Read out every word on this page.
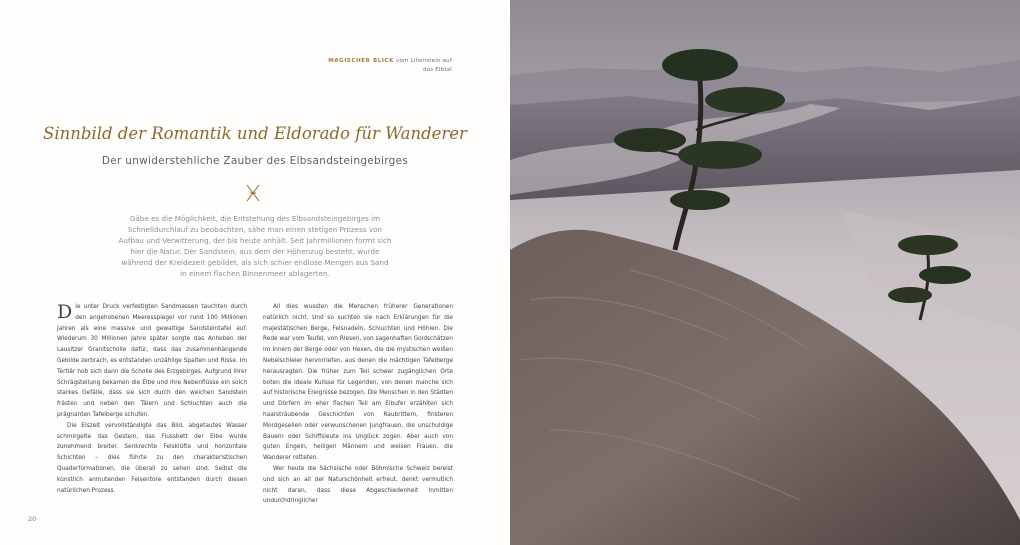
MAGISCHER BLICK vom Lilienstein auf das Elbtal
Sinnbild der Romantik und Eldorado für Wanderer
Der unwiderstehliche Zauber des Elbsandsteingebirges
Gäbe es die Möglichkeit, die Entstehung des Elbsandsteingebirges im Schnelldurchlauf zu beobachten, sähe man einen stetigen Prozess von Aufbau und Verwitterung, der bis heute anhält. Seit Jahrmillionen formt sich hier die Natur. Der Sandstein, aus dem der Höhenzug besteht, wurde während der Kreidezeit gebildet, als sich schier endlose Mengen aus Sand in einem flachen Binnenmeer ablagerten.

Die unter Druck verfestigten Sandmassen tauchten durch den angehobenen Meeresspiegel vor rund 100 Millionen Jahren als eine massive und gewaltige Sandsteintafel auf. Wiederum 30 Millionen Jahre später sorgte das Anheben der Lausitzer Granitscholle dafür, dass das zusammenhängende Gebilde zerbrach, es entstanden unzählige Spalten und Risse. Im Tertiär hob sich dann die Scholle des Erzgebirges. Aufgrund ihrer Schrägstellung bekamen die Elbe und ihre Nebenflüsse ein solch starkes Gefälle, dass sie sich durch den weichen Sandstein frästen und neben den Tälern und Schluchten auch die prägnanten Tafelberge schufen.

Die Eiszeit vervollständigte das Bild, abgetautes Wasser schmirgelte das Gestein, das Flussbett der Elbe wurde zunehmend breiter. Senkrechte Felsklüfte und horizontale Schichten – dies führte zu den charakteristischen Quaderformationen, die überall zu sehen sind. Selbst die künstlich anmutenden Felsentore entstanden durch diesen natürlichen Prozess.

All dies wussten die Menschen früherer Generationen natürlich nicht. Und so suchten sie nach Erklärungen für die majestätischen Berge, Felsnadeln, Schluchten und Höhlen. Die Rede war vom Teufel, von Riesen, von sagenhaften Goldschätzen im Innern der Berge oder von Hexen, die die mystischen weißen Nebelschleier hervorriefen, aus denen die mächtigen Tafelberge herausragten. Die früher zum Teil schwer zugänglichen Orte boten die ideale Kulisse für Legenden, von denen manche sich auf historische Ereignisse bezogen. Die Menschen in den Städten und Dörfern im eher flachen Teil am Elbufer erzählten sich haarsträubende Geschichten von Raubrittern, finsteren Mordgesellen oder verwunschenen Jungfrauen, die unschuldige Bauern oder Schiffsleute ins Unglück zogen. Aber auch von guten Engeln, heiligen Männern und weisen Frauen, die Wanderer retteten.

Wer heute die Sächsische oder Böhmische Schweiz bereist und sich an all der Naturschönheit erfreut, denkt vermutlich nicht daran, dass diese Abgeschiedenheit inmitten undurchdringlicher

20
